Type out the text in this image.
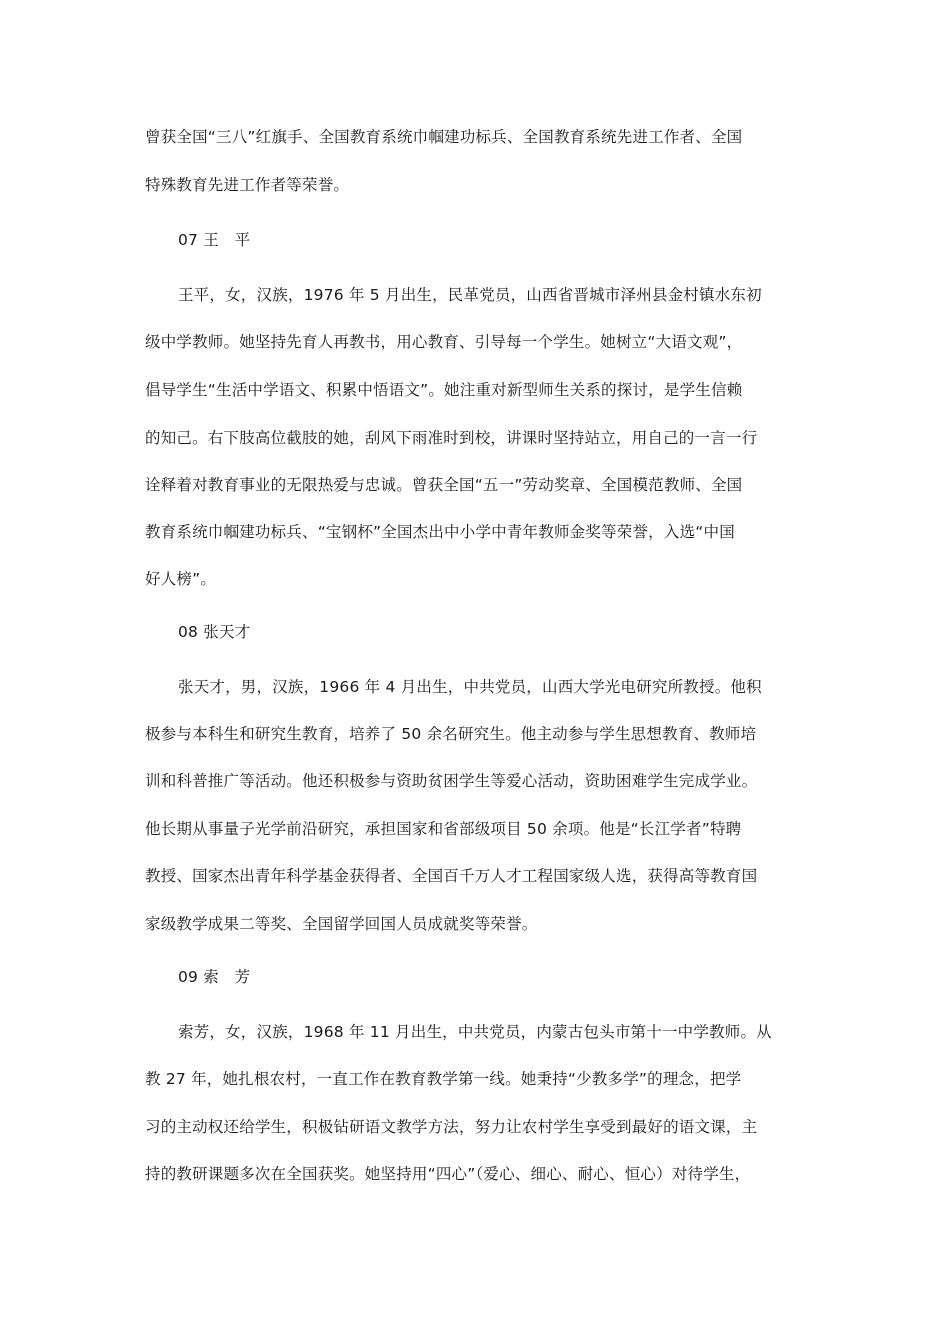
曾获全国“三八”红旗手、全国教育系统巾帼建功标兵、全国教育系统先进工作者、全国
特殊教育先进工作者等荣誉。
07 王　平
王平，女，汉族，1976 年 5 月出生，民革党员，山西省晋城市泽州县金村镇水东初
级中学教师。她坚持先育人再教书，用心教育、引导每一个学生。她树立“大语文观”，
倡导学生“生活中学语文、积累中悟语文”。她注重对新型师生关系的探讨，是学生信赖
的知己。右下肢高位截肢的她，刮风下雨准时到校，讲课时坚持站立，用自己的一言一行
诠释着对教育事业的无限热爱与忠诚。曾获全国“五一”劳动奖章、全国模范教师、全国
教育系统巾帼建功标兵、“宝钢杯”全国杰出中小学中青年教师金奖等荣誉，入选“中国
好人榜”。
08 张天才
张天才，男，汉族，1966 年 4 月出生，中共党员，山西大学光电研究所教授。他积
极参与本科生和研究生教育，培养了 50 余名研究生。他主动参与学生思想教育、教师培
训和科普推广等活动。他还积极参与资助贫困学生等爱心活动，资助困难学生完成学业。
他长期从事量子光学前沿研究，承担国家和省部级项目 50 余项。他是“长江学者”特聘
教授、国家杰出青年科学基金获得者、全国百千万人才工程国家级人选，获得高等教育国
家级教学成果二等奖、全国留学回国人员成就奖等荣誉。
09 索　芳
索芳，女，汉族，1968 年 11 月出生，中共党员，内蒙古包头市第十一中学教师。从
教 27 年，她扎根农村，一直工作在教育教学第一线。她秉持“少教多学”的理念，把学
习的主动权还给学生，积极钻研语文教学方法，努力让农村学生享受到最好的语文课，主
持的教研课题多次在全国获奖。她坚持用“四心”（爱心、细心、耐心、恒心）对待学生，
